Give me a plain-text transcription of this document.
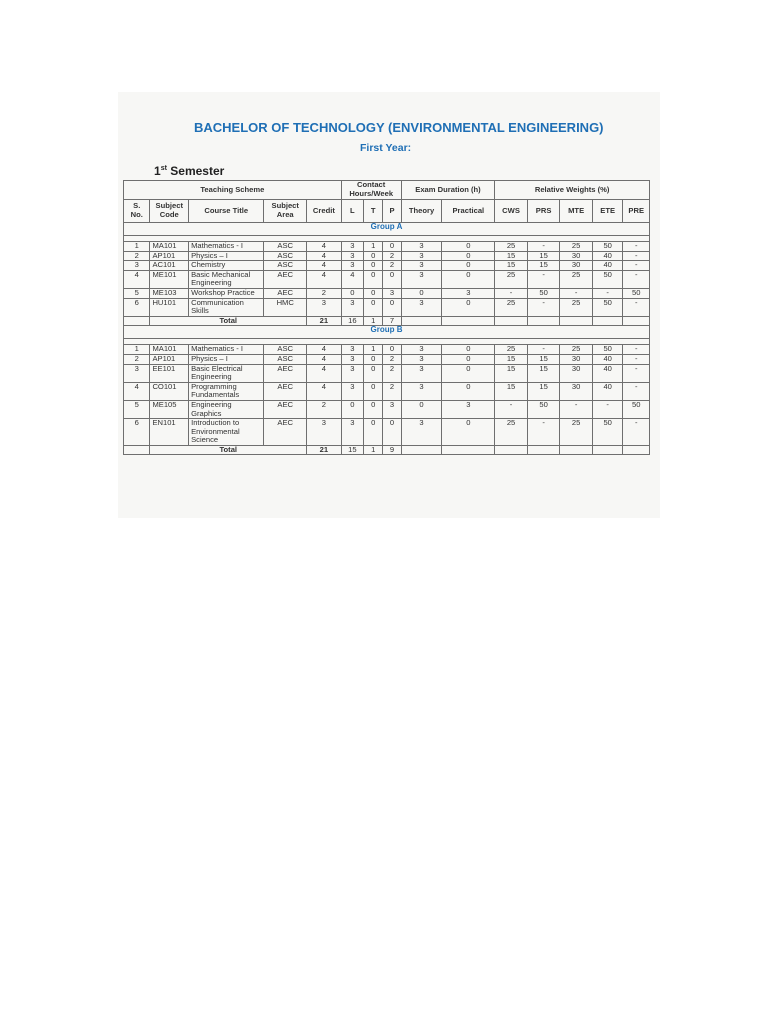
BACHELOR OF TECHNOLOGY (ENVIRONMENTAL ENGINEERING)
First Year:
1st Semester
Teaching Scheme					Contact Hours/Week			Exam Duration (h)		Relative Weights (%)				
S. No.	Subject Code	Course Title	Subject Area	Credit	L	T	P	Theory	Practical	CWS	PRS	MTE	ETE	PRE
Group A														

1	MA101	Mathematics - I	ASC	4	3	1	0	3	0	25	-	25	50	-
2	AP101	Physics – I	ASC	4	3	0	2	3	0	15	15	30	40	-
3	AC101	Chemistry	ASC	4	3	0	2	3	0	15	15	30	40	-
4	ME101	Basic Mechanical Engineering	AEC	4	4	0	0	3	0	25	-	25	50	-
5	ME103	Workshop Practice	AEC	2	0	0	3	0	3	-	50	-	-	50
6	HU101	Communication Skills	HMC	3	3	0	0	3	0	25	-	25	50	-
	Total			21	16	1	7							
Group B														

1	MA101	Mathematics - I	ASC	4	3	1	0	3	0	25	-	25	50	-
2	AP101	Physics – I	ASC	4	3	0	2	3	0	15	15	30	40	-
3	EE101	Basic Electrical Engineering	AEC	4	3	0	2	3	0	15	15	30	40	-
4	CO101	Programming Fundamentals	AEC	4	3	0	2	3	0	15	15	30	40	-
5	ME105	Engineering Graphics	AEC	2	0	0	3	0	3	-	50	-	-	50
6	EN101	Introduction to Environmental Science	AEC	3	3	0	0	3	0	25	-	25	50	-
	Total			21	15	1	9							
